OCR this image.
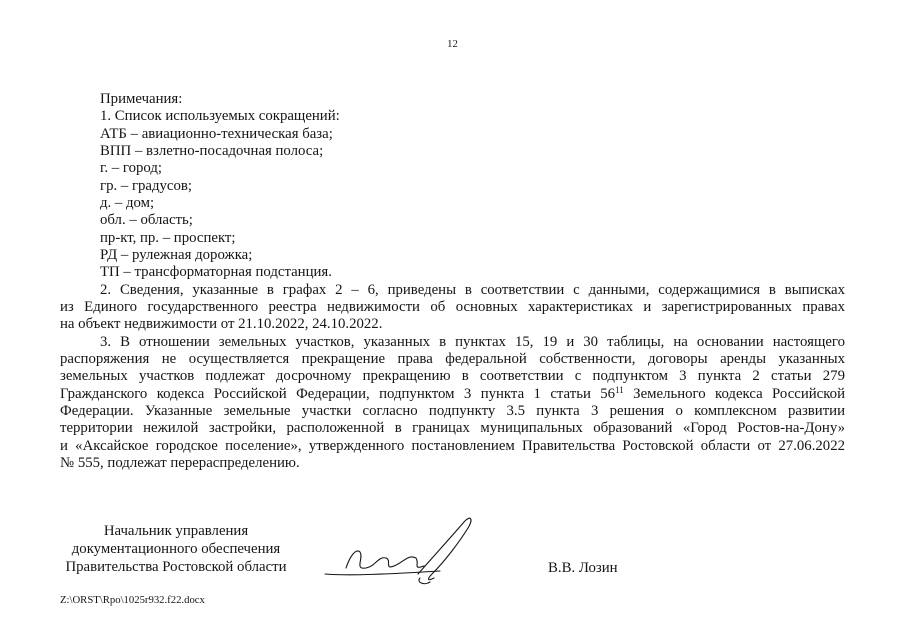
12
Примечания:
1. Список используемых сокращений:
АТБ – авиационно-техническая база;
ВПП – взлетно-посадочная полоса;
г. – город;
гр. – градусов;
д. – дом;
обл. – область;
пр-кт, пр. – проспект;
РД – рулежная дорожка;
ТП – трансформаторная подстанция.
2. Сведения, указанные в графах 2 – 6, приведены в соответствии с данными, содержащимися в выписках
из Единого государственного реестра недвижимости об основных характеристиках и зарегистрированных правах
на объект недвижимости от 21.10.2022, 24.10.2022.
3. В отношении земельных участков, указанных в пунктах 15, 19 и 30 таблицы, на основании настоящего
распоряжения не осуществляется прекращение права федеральной собственности, договоры аренды указанных
земельных участков подлежат досрочному прекращению в соответствии с подпунктом 3 пункта 2 статьи 279
Гражданского кодекса Российской Федерации, подпунктом 3 пункта 1 статьи $56^{11}$ Земельного кодекса Российской
Федерации. Указанные земельные участки согласно подпункту 3.5 пункта 3 решения о комплексном развитии
территории нежилой застройки, расположенной в границах муниципальных образований «Город Ростов-на-Дону»
и «Аксайское городское поселение», утвержденного постановлением Правительства Ростовской области от 27.06.2022
№ 555, подлежат перераспределению.
Начальник управления
документационного обеспечения
Правительства Ростовской области	В.В. Лозин
Z:\ORST\Rpo\1025r932.f22.docx
